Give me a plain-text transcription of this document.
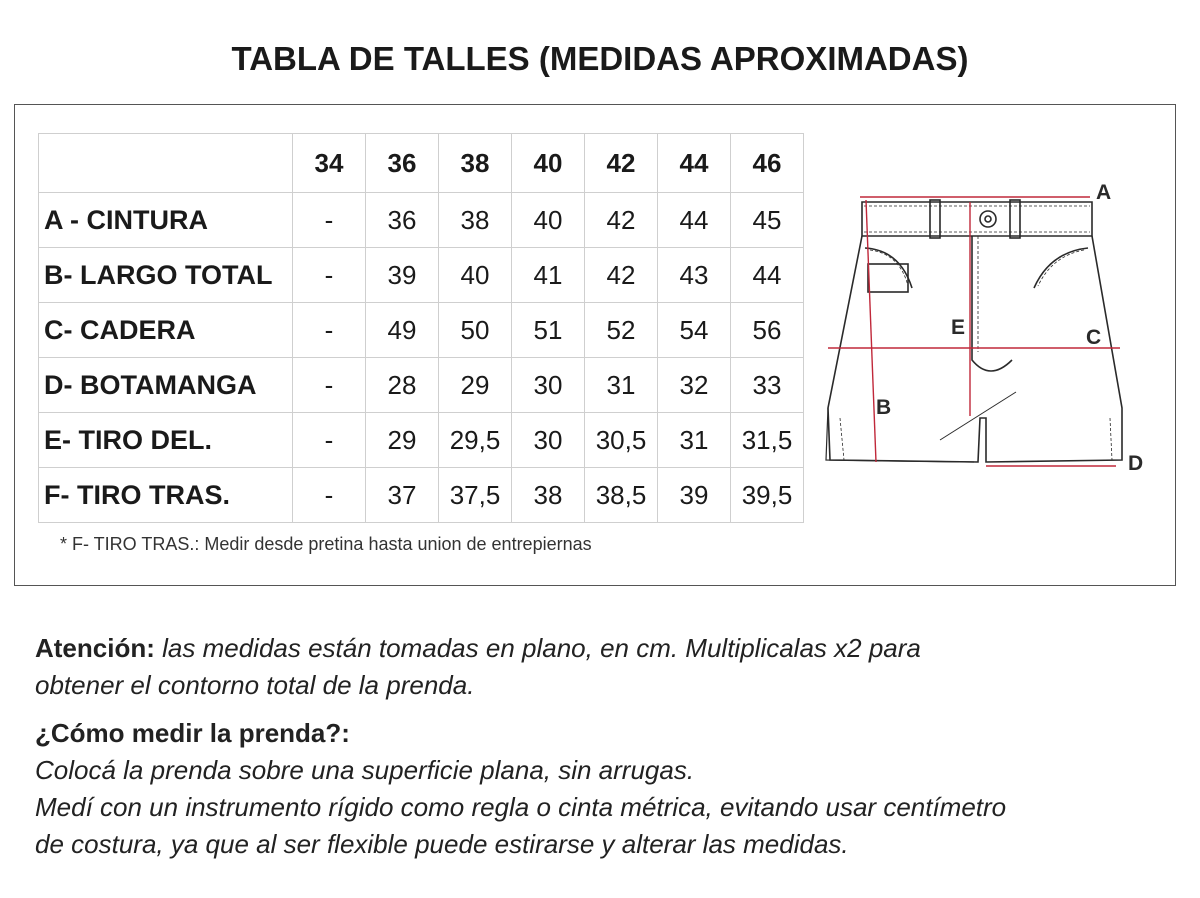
TABLA DE TALLES (MEDIDAS APROXIMADAS)
	34	36	38	40	42	44	46
A - CINTURA	-	36	38	40	42	44	45
B- LARGO TOTAL	-	39	40	41	42	43	44
C- CADERA	-	49	50	51	52	54	56
D- BOTAMANGA	-	28	29	30	31	32	33
E- TIRO DEL.	-	29	29,5	30	30,5	31	31,5
F- TIRO TRAS.	-	37	37,5	38	38,5	39	39,5
* F- TIRO TRAS.: Medir desde pretina hasta union de entrepiernas
A
B
C
D
E
Atención: las medidas están tomadas en plano, en cm. Multiplicalas x2 para
obtener el contorno total de la prenda.
¿Cómo medir la prenda?:

Colocá la prenda sobre una superficie plana, sin arrugas.
Medí con un instrumento rígido como regla o cinta métrica, evitando usar centímetro
de costura, ya que al ser flexible puede estirarse y alterar las medidas.
